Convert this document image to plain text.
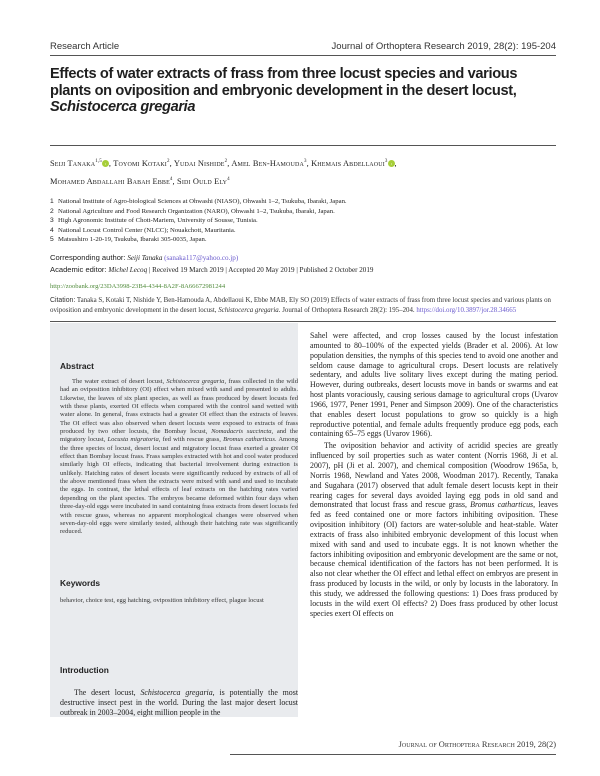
Research Article	Journal of Orthoptera Research 2019, 28(2): 195-204
Effects of water extracts of frass from three locust species and various plants on oviposition and embryonic development in the desert locust, Schistocerca gregaria
Seiji Tanaka$^{1,5}$ i , Toyomi Kotaki$^2$, Yudai Nishide$^2$, Amel Ben-Hamouda$^3$, Khemais Abdellaoui$^3$ i ,
Mohamed Abdallahi Babah Ebbe$^4$, Sidi Ould Ely$^4$
1 National Institute of Agro-biological Sciences at Ohwashi (NIASO), Ohwashi 1–2, Tsukuba, Ibaraki, Japan.
2 National Agriculture and Food Research Organization (NARO), Ohwashi 1–2, Tsukuba, Ibaraki, Japan.
3 High Agronomic Institute of Chott-Mariem, University of Sousse, Tunisia.
4 National Locust Control Center (NLCC); Nouakchott, Mauritania.
5 Matsushiro 1-20-19, Tsukuba, Ibaraki 305-0035, Japan.
Corresponding author: Seiji Tanaka (sanaka117@yahoo.co.jp)
Academic editor: Michel Lecoq | Received 19 March 2019 | Accepted 20 May 2019 | Published 2 October 2019
http://zoobank.org/23DA3998-23B4-4344-8A2F-8A66672981244
Citation: Tanaka S, Kotaki T, Nishide Y, Ben-Hamouda A, Abdellaoui K, Ebbe MAB, Ely SO (2019) Effects of water extracts of frass from three locust species and various plants on oviposition and embryonic development in the desert locust, Schistocerca gregaria. Journal of Orthoptera Research 28(2): 195–204. https://doi.org/10.3897/jor.28.34665
Abstract
The water extract of desert locust, Schistocerca gregaria, frass collected in the wild had an oviposition inhibitory (OI) effect when mixed with sand and presented to adults. Likewise, the leaves of six plant species, as well as frass produced by desert locusts fed with these plants, exerted OI effects when compared with the control sand wetted with water alone. In general, frass extracts had a greater OI effect than the extracts of leaves. The OI effect was also observed when desert locusts were exposed to extracts of frass produced by two other locusts, the Bombay locust, Nomadacris succincta, and the migratory locust, Locusta migratoria, fed with rescue grass, Bromus catharticus. Among the three species of locust, desert locust and migratory locust frass exerted a greater OI effect than Bombay locust frass. Frass samples extracted with hot and cool water produced similarly high OI effects, indicating that bacterial involvement during extraction is unlikely. Hatching rates of desert locusts were significantly reduced by extracts of all of the above mentioned frass when the extracts were mixed with sand and used to incubate the eggs. In contrast, the lethal effects of leaf extracts on the hatching rates varied depending on the plant species. The embryos became deformed within four days when three-day-old eggs were incubated in sand containing frass extracts from desert locusts fed with rescue grass, whereas no apparent morphological changes were observed when seven-day-old eggs were similarly tested, although their hatching rate was significantly reduced.
Keywords
behavior, choice test, egg hatching, oviposition inhibitory effect, plague locust
Introduction
The desert locust, Schistocerca gregaria, is potentially the most destructive insect pest in the world. During the last major desert locust outbreak in 2003–2004, eight million people in the

Sahel were affected, and crop losses caused by the locust infestation amounted to 80–100% of the expected yields (Brader et al. 2006). At low population densities, the nymphs of this species tend to avoid one another and seldom cause damage to agricultural crops. Desert locusts are relatively sedentary, and adults live solitary lives except during the mating period. However, during outbreaks, desert locusts move in bands or swarms and eat host plants voraciously, causing serious damage to agricultural crops (Uvarov 1966, 1977, Pener 1991, Pener and Simpson 2009). One of the characteristics that enables desert locust populations to grow so quickly is a high reproductive potential, and female adults frequently produce egg pods, each containing 65–75 eggs (Uvarov 1966).

The oviposition behavior and activity of acridid species are greatly influenced by soil properties such as water content (Norris 1968, Ji et al. 2007), pH (Ji et al. 2007), and chemical composition (Woodrow 1965a, b, Norris 1968, Newland and Yates 2008, Woodman 2017). Recently, Tanaka and Sugahara (2017) observed that adult female desert locusts kept in their rearing cages for several days avoided laying egg pods in old sand and demonstrated that locust frass and rescue grass, Bromus catharticus, leaves fed as feed contained one or more factors inhibiting oviposition. These oviposition inhibitory (OI) factors are water-soluble and heat-stable. Water extracts of frass also inhibited embryonic development of this locust when mixed with sand and used to incubate eggs. It is not known whether the factors inhibiting oviposition and embryonic development are the same or not, because chemical identification of the factors has not been performed. It is also not clear whether the OI effect and lethal effect on embryos are present in frass produced by locusts in the wild, or only by locusts in the laboratory. In this study, we addressed the following questions: 1) Does frass produced by locusts in the wild exert OI effects? 2) Does frass produced by other locust species exert OI effects on

Journal of Orthoptera Research 2019, 28(2)
